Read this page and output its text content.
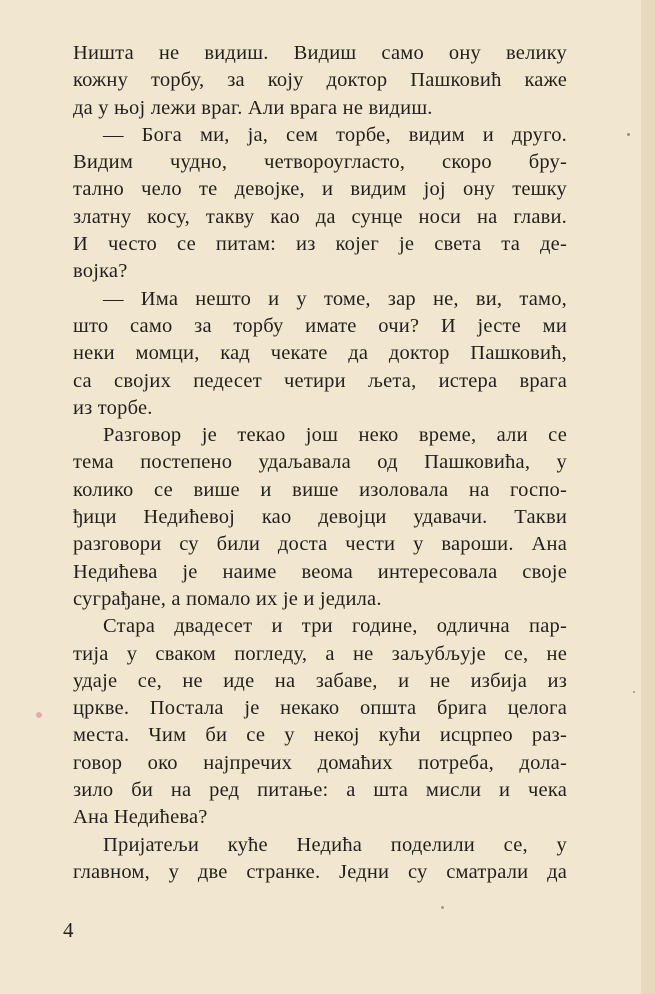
Ништа не видиш. Видиш само ону велику
кожну торбу, за коју доктор Пашковић каже
да у њој лежи враг. Али врага не видиш.
— Бога ми, ја, сем торбе, видим и друго.
Видим чудно, четвороугласто, скоро бру-
тално чело те девојке, и видим јој ону тешку
златну косу, такву као да сунце носи на глави.
И често се питам: из којег је света та де-
војка?
— Има нешто и у томе, зар не, ви, тамо,
што само за торбу имате очи? И јесте ми
неки момци, кад чекате да доктор Пашковић,
са својих педесет четири љета, истера врага
из торбе.
Разговор је текао још неко време, али се
тема постепено удаљавала од Пашковића, у
колико се више и више изоловала на госпо-
ђици Недићевој као девојци удавачи. Такви
разговори су били доста чести у вароши. Ана
Недићева је наиме веома интересовала своје
суграђане, а помало их је и једила.
Стара двадесет и три године, одлична пар-
тија у сваком погледу, а не заљубљује се, не
удаје се, не иде на забаве, и не избија из
цркве. Постала је некако општа брига целога
места. Чим би се у некој кући исцрпео раз-
говор око најпречих домаћих потреба, дола-
зило би на ред питање: а шта мисли и чека
Ана Недићева?
Пријатељи куће Недића поделили се, у
главном, у две странке. Једни су сматрали да
4
